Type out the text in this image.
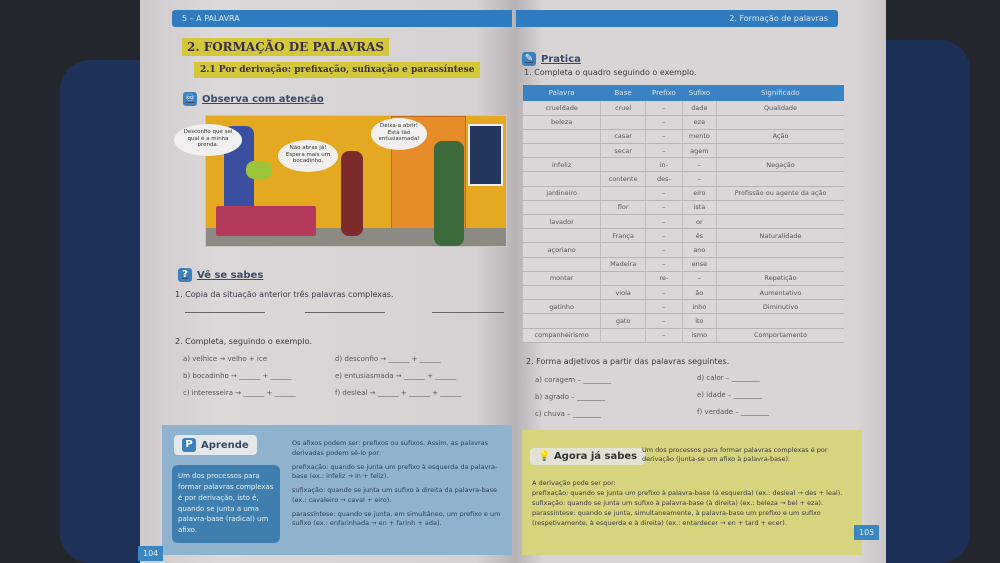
5 – A PALAVRA
2. FORMAÇÃO DE PALAVRAS
2.1 Por derivação: prefixação, sufixação e parassíntese
♾ Observa com atenção
Desconfio que sei qual é a minha prenda.	Não abras já! Espera mais um bocadinho.
Deixa-a abrir! Está tão entusiasmada!
? Vê se sabes
1. Copia da situação anterior três palavras complexas.
2. Completa, seguindo o exemplo.
a) velhice → velho + ice
b) bocadinho → ______ + ______
c) interesseira → ______ + ______
d) desconfio → ______ + ______
e) entusiasmada → ______ + ______
f) desleal → ______ + ______ + ______
P Aprende
Um dos processos para formar palavras complexas é por derivação, isto é, quando se junta a uma palavra-base (radical) um afixo.
Os afixos podem ser: prefixos ou sufixos. Assim, as palavras derivadas podem sê-lo por:
prefixação: quando se junta um prefixo à esquerda da palavra-base (ex.: infeliz → in + feliz).
sufixação: quando se junta um sufixo à direita da palavra-base (ex.: cavaleiro → caval + eiro).
parassíntese: quando se junta, em simultâneo, um prefixo e um sufixo (ex.: enfarinhada → en + farinh + ada).
104
2. Formação de palavras
✎ Pratica
1. Completa o quadro seguindo o exemplo.
Palavra	Base	Prefixo	Sufixo	Significado
crueldade	cruel	–	dade	Qualidade
beleza		–	eza	
	casar	–	mento	Ação
	secar	–	agem	
infeliz		in-	–	Negação
	contente	des-	–	
jardineiro		–	eiro	Profissão ou agente da ação
	flor	–	ista	
lavador		–	or	
	França	–	ês	Naturalidade
açoriano		–	ano	
	Madeira	–	ense	
montar		re-	–	Repetição
	viola	–	ão	Aumentativo
gatinho		–	inho	Diminutivo
	gato	–	ito	
companheirismo		–	ismo	Comportamento
2. Forma adjetivos a partir das palavras seguintes.
a) coragem – ________
b) agrado – ________
c) chuva – ________
d) calor – ________
e) idade – ________
f) verdade – ________
💡 Agora já sabes
Um dos processos para formar palavras complexas é por derivação (junta-se um afixo à palavra-base).
A derivação pode ser por:
prefixação: quando se junta um prefixo à palavra-base (à esquerda) (ex.: desleal → des + leal).
sufixação: quando se junta um sufixo à palavra-base (à direita) (ex.: beleza → bel + eza).
parassíntese: quando se junta, simultaneamente, à palavra-base um prefixo e um sufixo (respetivamente, à esquerda e à direita) (ex.: entardecer → en + tard + ecer).
105
